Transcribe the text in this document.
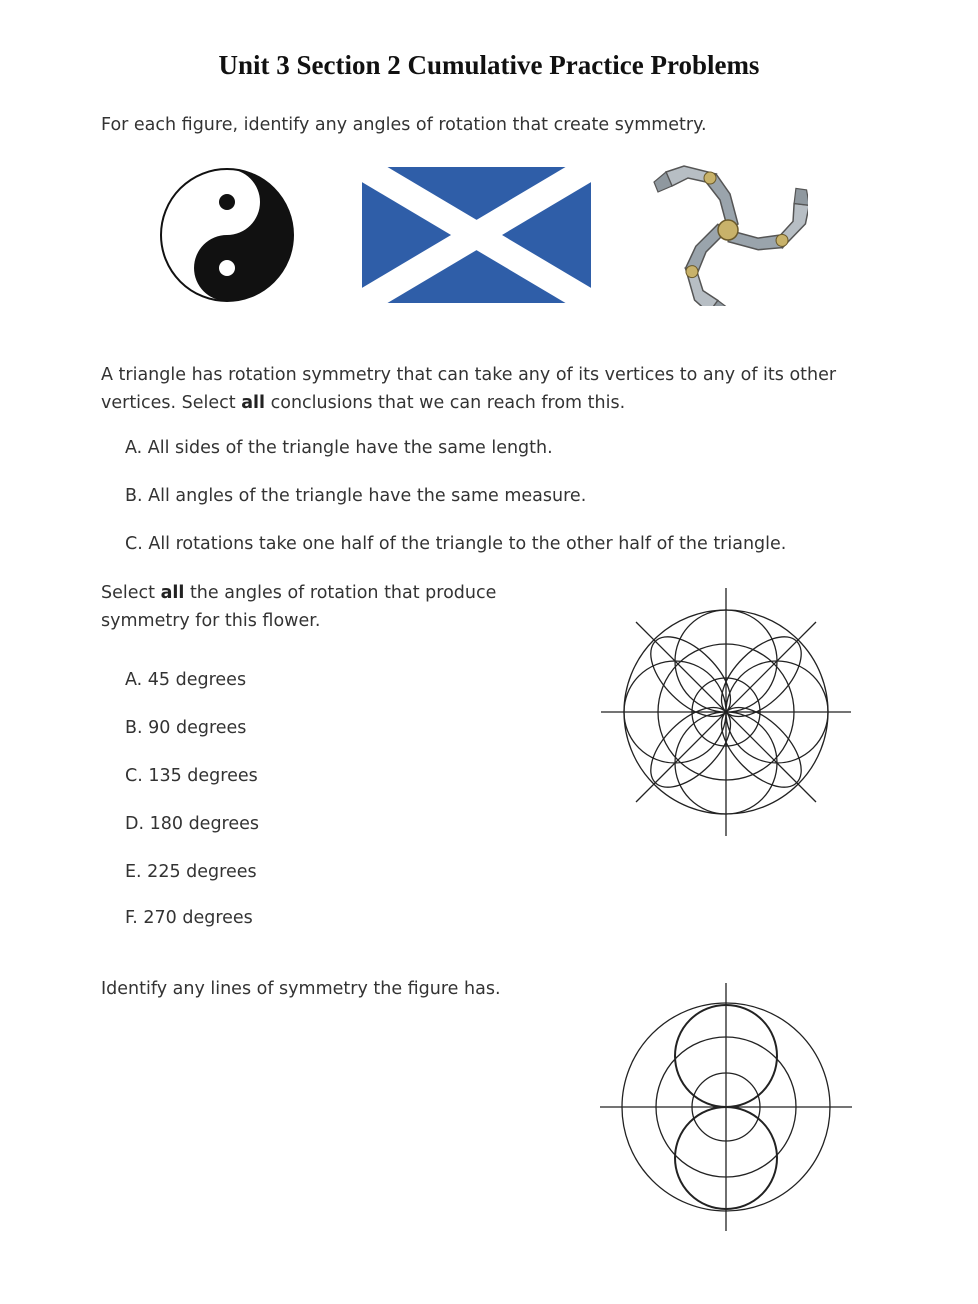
Unit 3 Section 2 Cumulative Practice Problems
For each figure, identify any angles of rotation that create symmetry.
A triangle has rotation symmetry that can take any of its vertices to any of its other
vertices. Select all conclusions that we can reach from this.
A. All sides of the triangle have the same length.
B. All angles of the triangle have the same measure.
C. All rotations take one half of the triangle to the other half of the triangle.
Select all the angles of rotation that produce
symmetry for this flower.
A. 45 degrees
B. 90 degrees
C. 135 degrees
D. 180 degrees
E. 225 degrees
F. 270 degrees
Identify any lines of symmetry the figure has.
